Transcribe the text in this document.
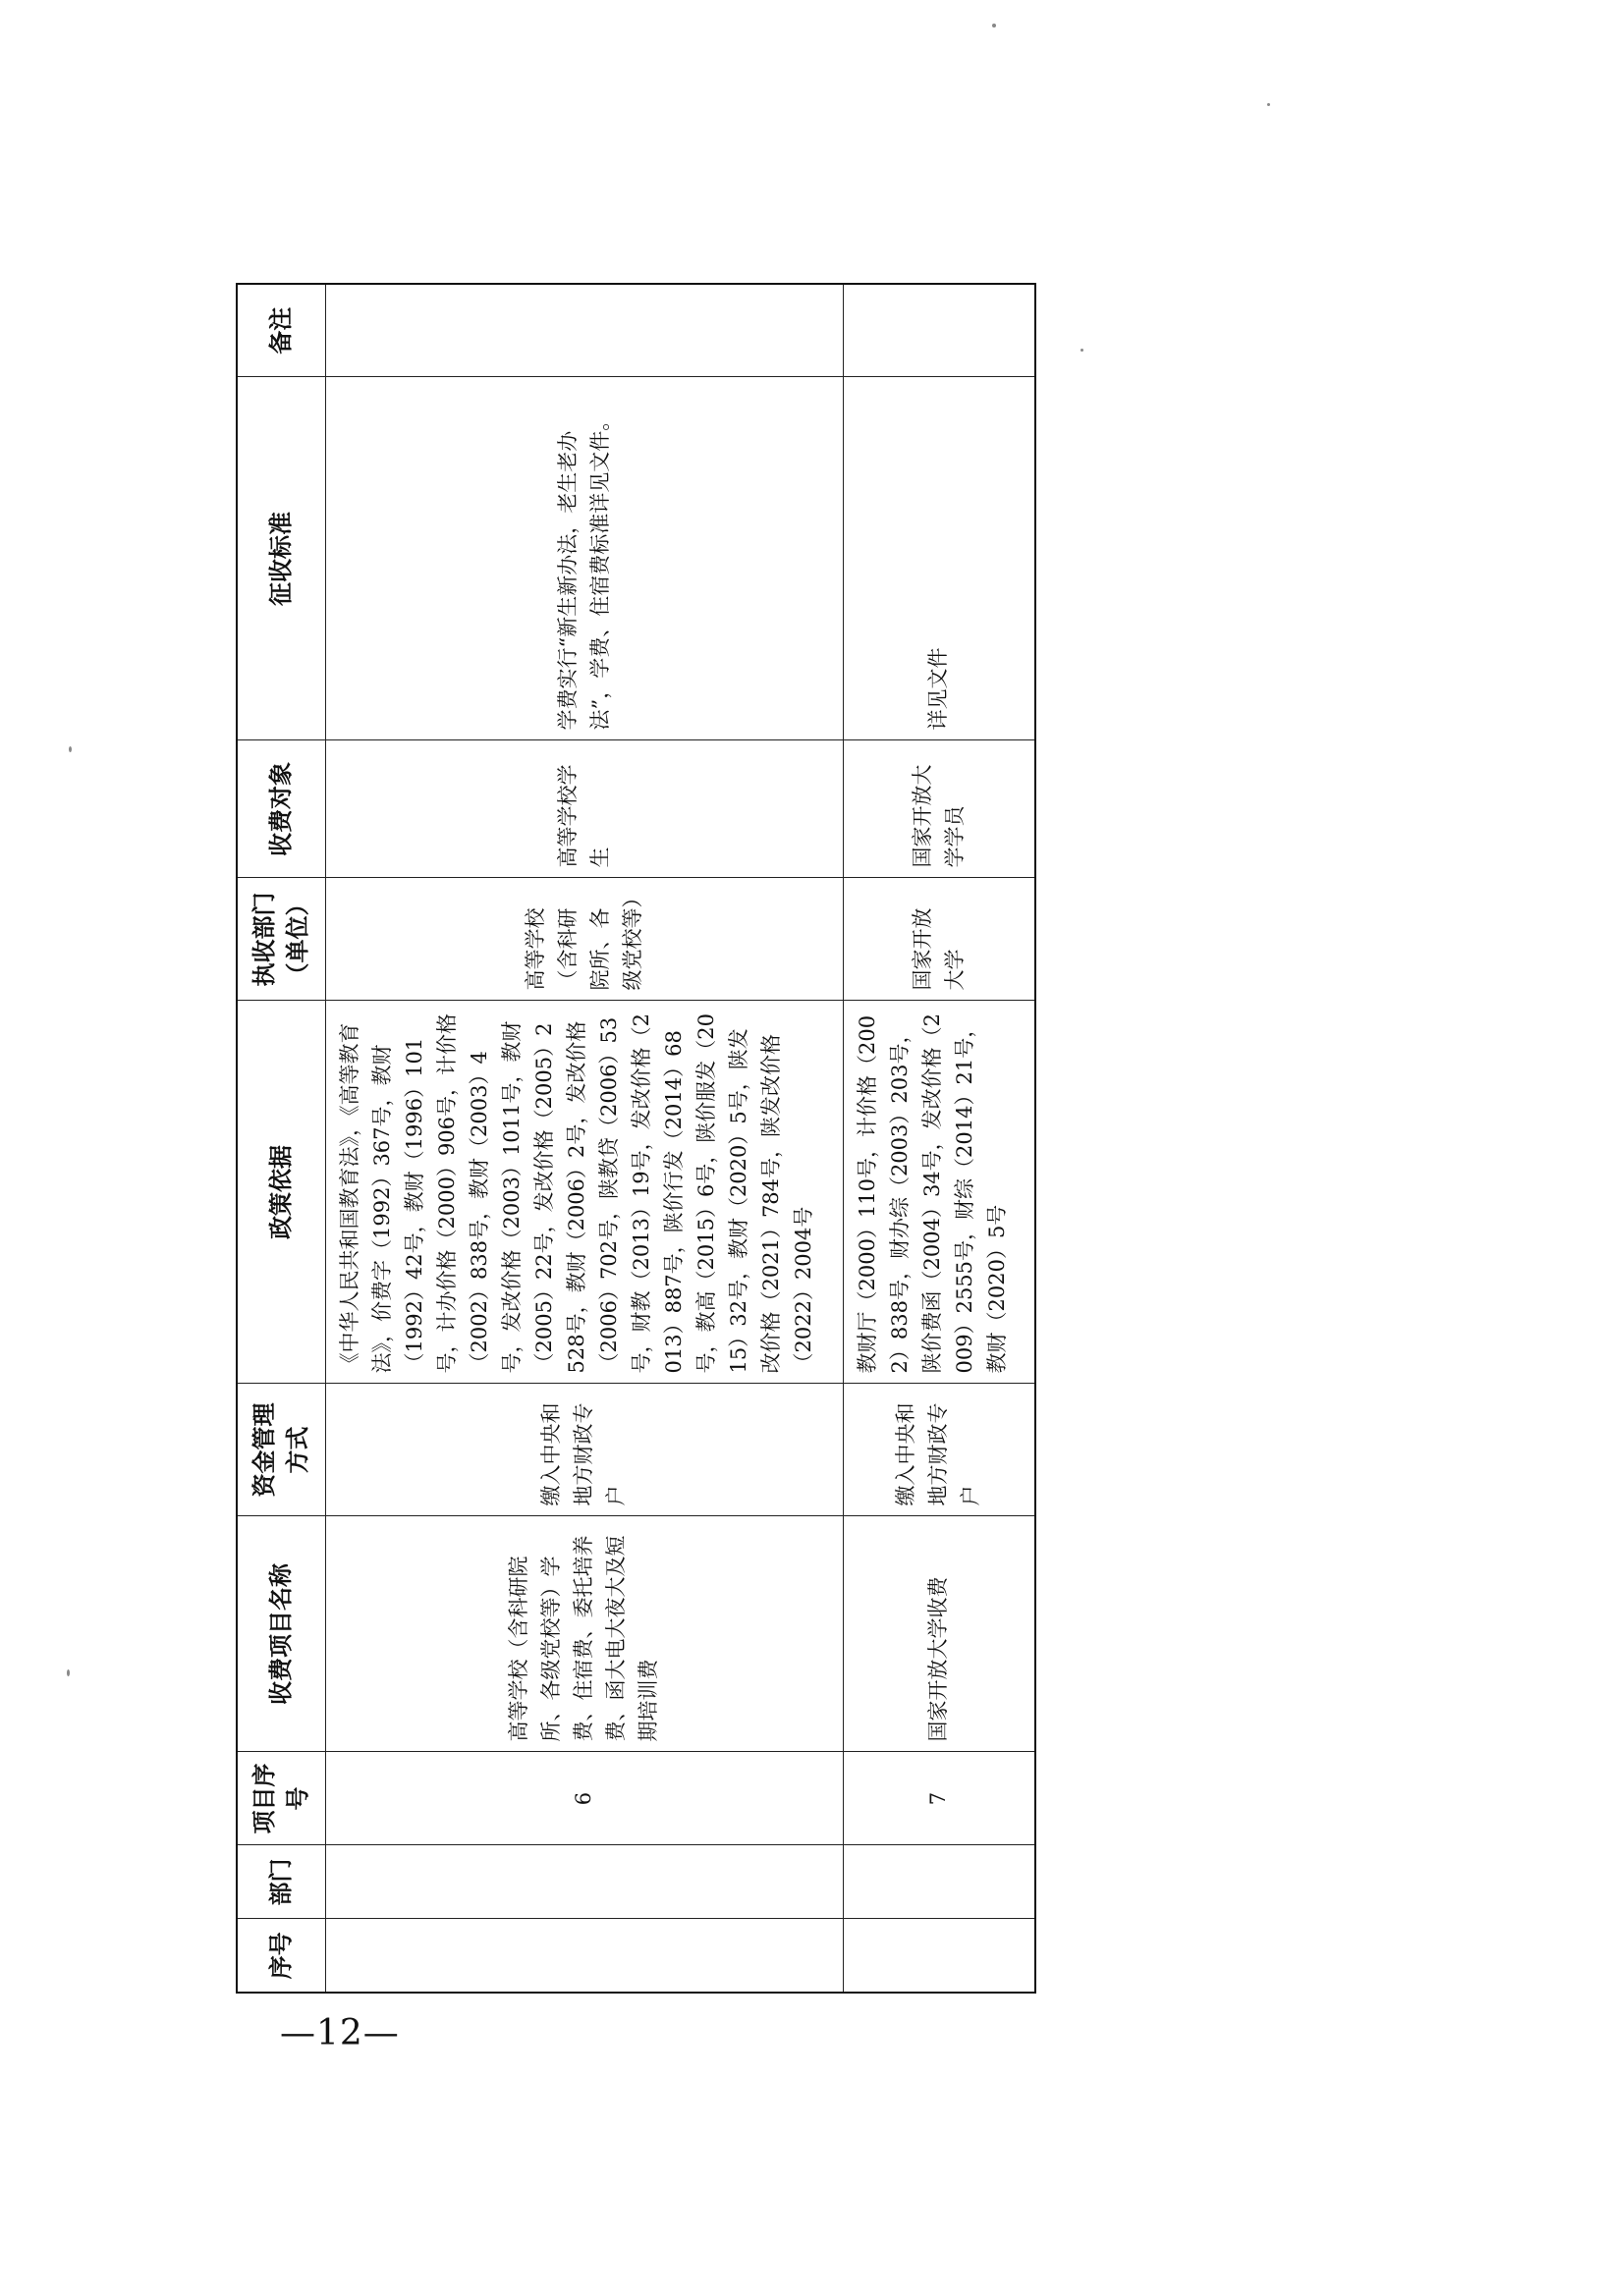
序号	部门	项目序号	收费项目名称	资金管理方式	政策依据	执收部门（单位）	收费对象	征收标准	备注
		6	高等学校（含科研院所、各级党校等）学费、住宿费、委托培养费、函大电大夜大及短期培训费	缴入中央和地方财政专户	《中华人民共和国教育法》，《高等教育法》，价费字（1992）367号，教财（1992）42号，教财（1996）101号，计办价格（2000）906号，计价格（2002）838号，教财（2003）4号，发改价格（2003）1011号，教财（2005）22号，发改价格（2005）2528号，教财（2006）2号，发改价格（2006）702号，陕教贷（2006）53号，财教（2013）19号，发改价格（2013）887号，陕价行发（2014）68号，教高（2015）6号，陕价服发（2015）32号，教财（2020）5号，陕发改价格（2021）784号，陕发改价格（2022）2004号	高等学校（含科研院所、各级党校等）	高等学校学生	学费实行“新生新办法，老生老办法”，学费、住宿费标准详见文件。	
		7	国家开放大学收费	缴入中央和地方财政专户	教财厅（2000）110号，计价格（2002）838号，财办综（2003）203号，陕价费函（2004）34号，发改价格（2009）2555号，财综（2014）21号，教财（2020）5号	国家开放大学	国家开放大学学员	详见文件	
—12—
